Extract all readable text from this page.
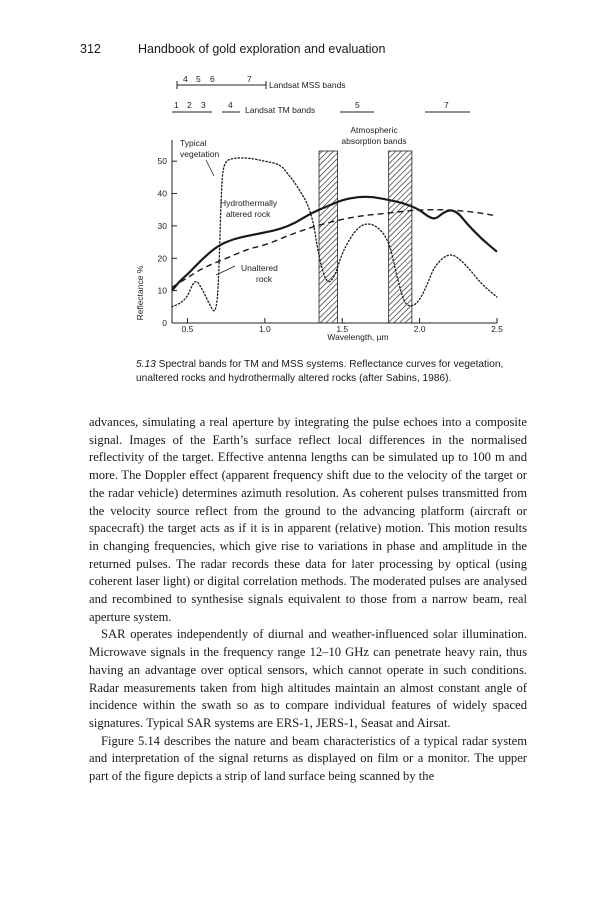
312	Handbook of gold exploration and evaluation
4 5 6	7
Landsat MSS bands
1 2 3	4	5	7
Landsat TM bands
Atmospheric
absorption bands
0.5	1.0	1.5	2.0	2.5
0
10
20
30
40
50
Wavelength, µm
Reflectance %
Typical
vegetation
Hydrothermally
altered rock
Unaltered
rock
5.13 Spectral bands for TM and MSS systems. Reflectance curves for vegetation, unaltered rocks and hydrothermally altered rocks (after Sabins, 1986).

advances, simulating a real aperture by integrating the pulse echoes into a composite signal. Images of the Earth’s surface reflect local differences in the normalised reflectivity of the target. Effective antenna lengths can be simulated up to 100 m and more. The Doppler effect (apparent frequency shift due to the velocity of the target or the radar vehicle) determines azimuth resolution. As coherent pulses transmitted from the velocity source reflect from the ground to the advancing platform (aircraft or spacecraft) the target acts as if it is in apparent (relative) motion. This motion results in changing frequencies, which give rise to variations in phase and amplitude in the returned pulses. The radar records these data for later processing by optical (using coherent laser light) or digital correlation methods. The moderated pulses are analysed and recombined to synthesise signals equivalent to those from a narrow beam, real aperture system.

SAR operates independently of diurnal and weather-influenced solar illumination. Microwave signals in the frequency range 12–10 GHz can penetrate heavy rain, thus having an advantage over optical sensors, which cannot operate in such conditions. Radar measurements taken from high altitudes maintain an almost constant angle of incidence within the swath so as to compare individual features of widely spaced signatures. Typical SAR systems are ERS-1, JERS-1, Seasat and Airsat.

Figure 5.14 describes the nature and beam characteristics of a typical radar system and interpretation of the signal returns as displayed on film or a monitor. The upper part of the figure depicts a strip of land surface being scanned by the
